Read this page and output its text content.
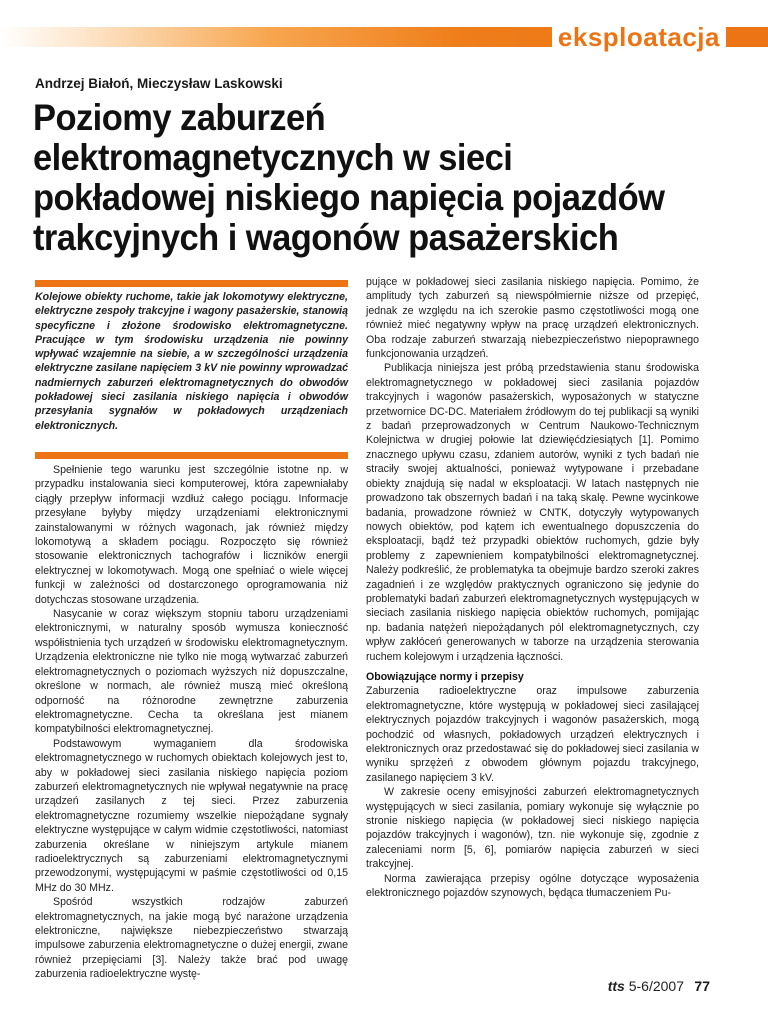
eksploatacja
Andrzej Białoń, Mieczysław Laskowski
Poziomy zaburzeń elektromagnetycznych w sieci pokładowej niskiego napięcia pojazdów trakcyjnych i wagonów pasażerskich
Kolejowe obiekty ruchome, takie jak lokomotywy elektryczne, elektryczne zespoły trakcyjne i wagony pasażerskie, stanowią specyficzne i złożone środowisko elektromagnetyczne. Pracujące w tym środowisku urządzenia nie powinny wpływać wzajemnie na siebie, a w szczególności urządzenia elektryczne zasilane napięciem 3 kV nie powinny wprowadzać nadmiernych zaburzeń elektromagnetycznych do obwodów pokładowej sieci zasilania niskiego napięcia i obwodów przesyłania sygnałów w pokładowych urządzeniach elektronicznych.

Spełnienie tego warunku jest szczególnie istotne np. w przypadku instalowania sieci komputerowej, która zapewniałaby ciągły przepływ informacji wzdłuż całego pociągu. Informacje przesyłane byłyby między urządzeniami elektronicznymi zainstalowanymi w różnych wagonach, jak również między lokomotywą a składem pociągu. Rozpoczęto się również stosowanie elektronicznych tachografów i liczników energii elektrycznej w lokomotywach. Mogą one spełniać o wiele więcej funkcji w zależności od dostarczonego oprogramowania niż dotychczas stosowane urządzenia.

Nasycanie w coraz większym stopniu taboru urządzeniami elektronicznymi, w naturalny sposób wymusza konieczność współistnienia tych urządzeń w środowisku elektromagnetycznym. Urządzenia elektroniczne nie tylko nie mogą wytwarzać zaburzeń elektromagnetycznych o poziomach wyższych niż dopuszczalne, określone w normach, ale również muszą mieć określoną odporność na różnorodne zewnętrzne zaburzenia elektromagnetyczne. Cecha ta określana jest mianem kompatybilności elektromagnetycznej.

Podstawowym wymaganiem dla środowiska elektromagnetycznego w ruchomych obiektach kolejowych jest to, aby w pokładowej sieci zasilania niskiego napięcia poziom zaburzeń elektromagnetycznych nie wpływał negatywnie na pracę urządzeń zasilanych z tej sieci. Przez zaburzenia elektromagnetyczne rozumiemy wszelkie niepożądane sygnały elektryczne występujące w całym widmie częstotliwości, natomiast zaburzenia określane w niniejszym artykule mianem radioelektrycznych są zaburzeniami elektromagnetycznymi przewodzonymi, występującymi w paśmie częstotliwości od 0,15 MHz do 30 MHz.

Spośród wszystkich rodzajów zaburzeń elektromagnetycznych, na jakie mogą być narażone urządzenia elektroniczne, największe niebezpieczeństwo stwarzają impulsowe zaburzenia elektromagnetyczne o dużej energii, zwane również przepięciami [3]. Należy także brać pod uwagę zaburzenia radioelektryczne wystę-

pujące w pokładowej sieci zasilania niskiego napięcia. Pomimo, że amplitudy tych zaburzeń są niewspółmiernie niższe od przepięć, jednak ze względu na ich szerokie pasmo częstotliwości mogą one również mieć negatywny wpływ na pracę urządzeń elektronicznych. Oba rodzaje zaburzeń stwarzają niebezpieczeństwo niepoprawnego funkcjonowania urządzeń.

Publikacja niniejsza jest próbą przedstawienia stanu środowiska elektromagnetycznego w pokładowej sieci zasilania pojazdów trakcyjnych i wagonów pasażerskich, wyposażonych w statyczne przetwornice DC-DC. Materiałem źródłowym do tej publikacji są wyniki z badań przeprowadzonych w Centrum Naukowo-Technicznym Kolejnictwa w drugiej połowie lat dziewięćdziesiątych [1]. Pomimo znacznego upływu czasu, zdaniem autorów, wyniki z tych badań nie straciły swojej aktualności, ponieważ wytypowane i przebadane obiekty znajdują się nadal w eksploatacji. W latach następnych nie prowadzono tak obszernych badań i na taką skalę. Pewne wycinkowe badania, prowadzone również w CNTK, dotyczyły wytypowanych nowych obiektów, pod kątem ich ewentualnego dopuszczenia do eksploatacji, bądź też przypadki obiektów ruchomych, gdzie były problemy z zapewnieniem kompatybilności elektromagnetycznej. Należy podkreślić, że problematyka ta obejmuje bardzo szeroki zakres zagadnień i ze względów praktycznych ograniczono się jedynie do problematyki badań zaburzeń elektromagnetycznych występujących w sieciach zasilania niskiego napięcia obiektów ruchomych, pomijając np. badania natężeń niepożądanych pól elektromagnetycznych, czy wpływ zakłóceń generowanych w taborze na urządzenia sterowania ruchem kolejowym i urządzenia łączności.

Obowiązujące normy i przepisy

Zaburzenia radioelektryczne oraz impulsowe zaburzenia elektromagnetyczne, które występują w pokładowej sieci zasilającej elektrycznych pojazdów trakcyjnych i wagonów pasażerskich, mogą pochodzić od własnych, pokładowych urządzeń elektrycznych i elektronicznych oraz przedostawać się do pokładowej sieci zasilania w wyniku sprzężeń z obwodem głównym pojazdu trakcyjnego, zasilanego napięciem 3 kV.

W zakresie oceny emisyjności zaburzeń elektromagnetycznych występujących w sieci zasilania, pomiary wykonuje się wyłącznie po stronie niskiego napięcia (w pokładowej sieci niskiego napięcia pojazdów trakcyjnych i wagonów), tzn. nie wykonuje się, zgodnie z zaleceniami norm [5, 6], pomiarów napięcia zaburzeń w sieci trakcyjnej.

Norma zawierająca przepisy ogólne dotyczące wyposażenia elektronicznego pojazdów szynowych, będąca tłumaczeniem Pu-

tts 5-6/2007 77
